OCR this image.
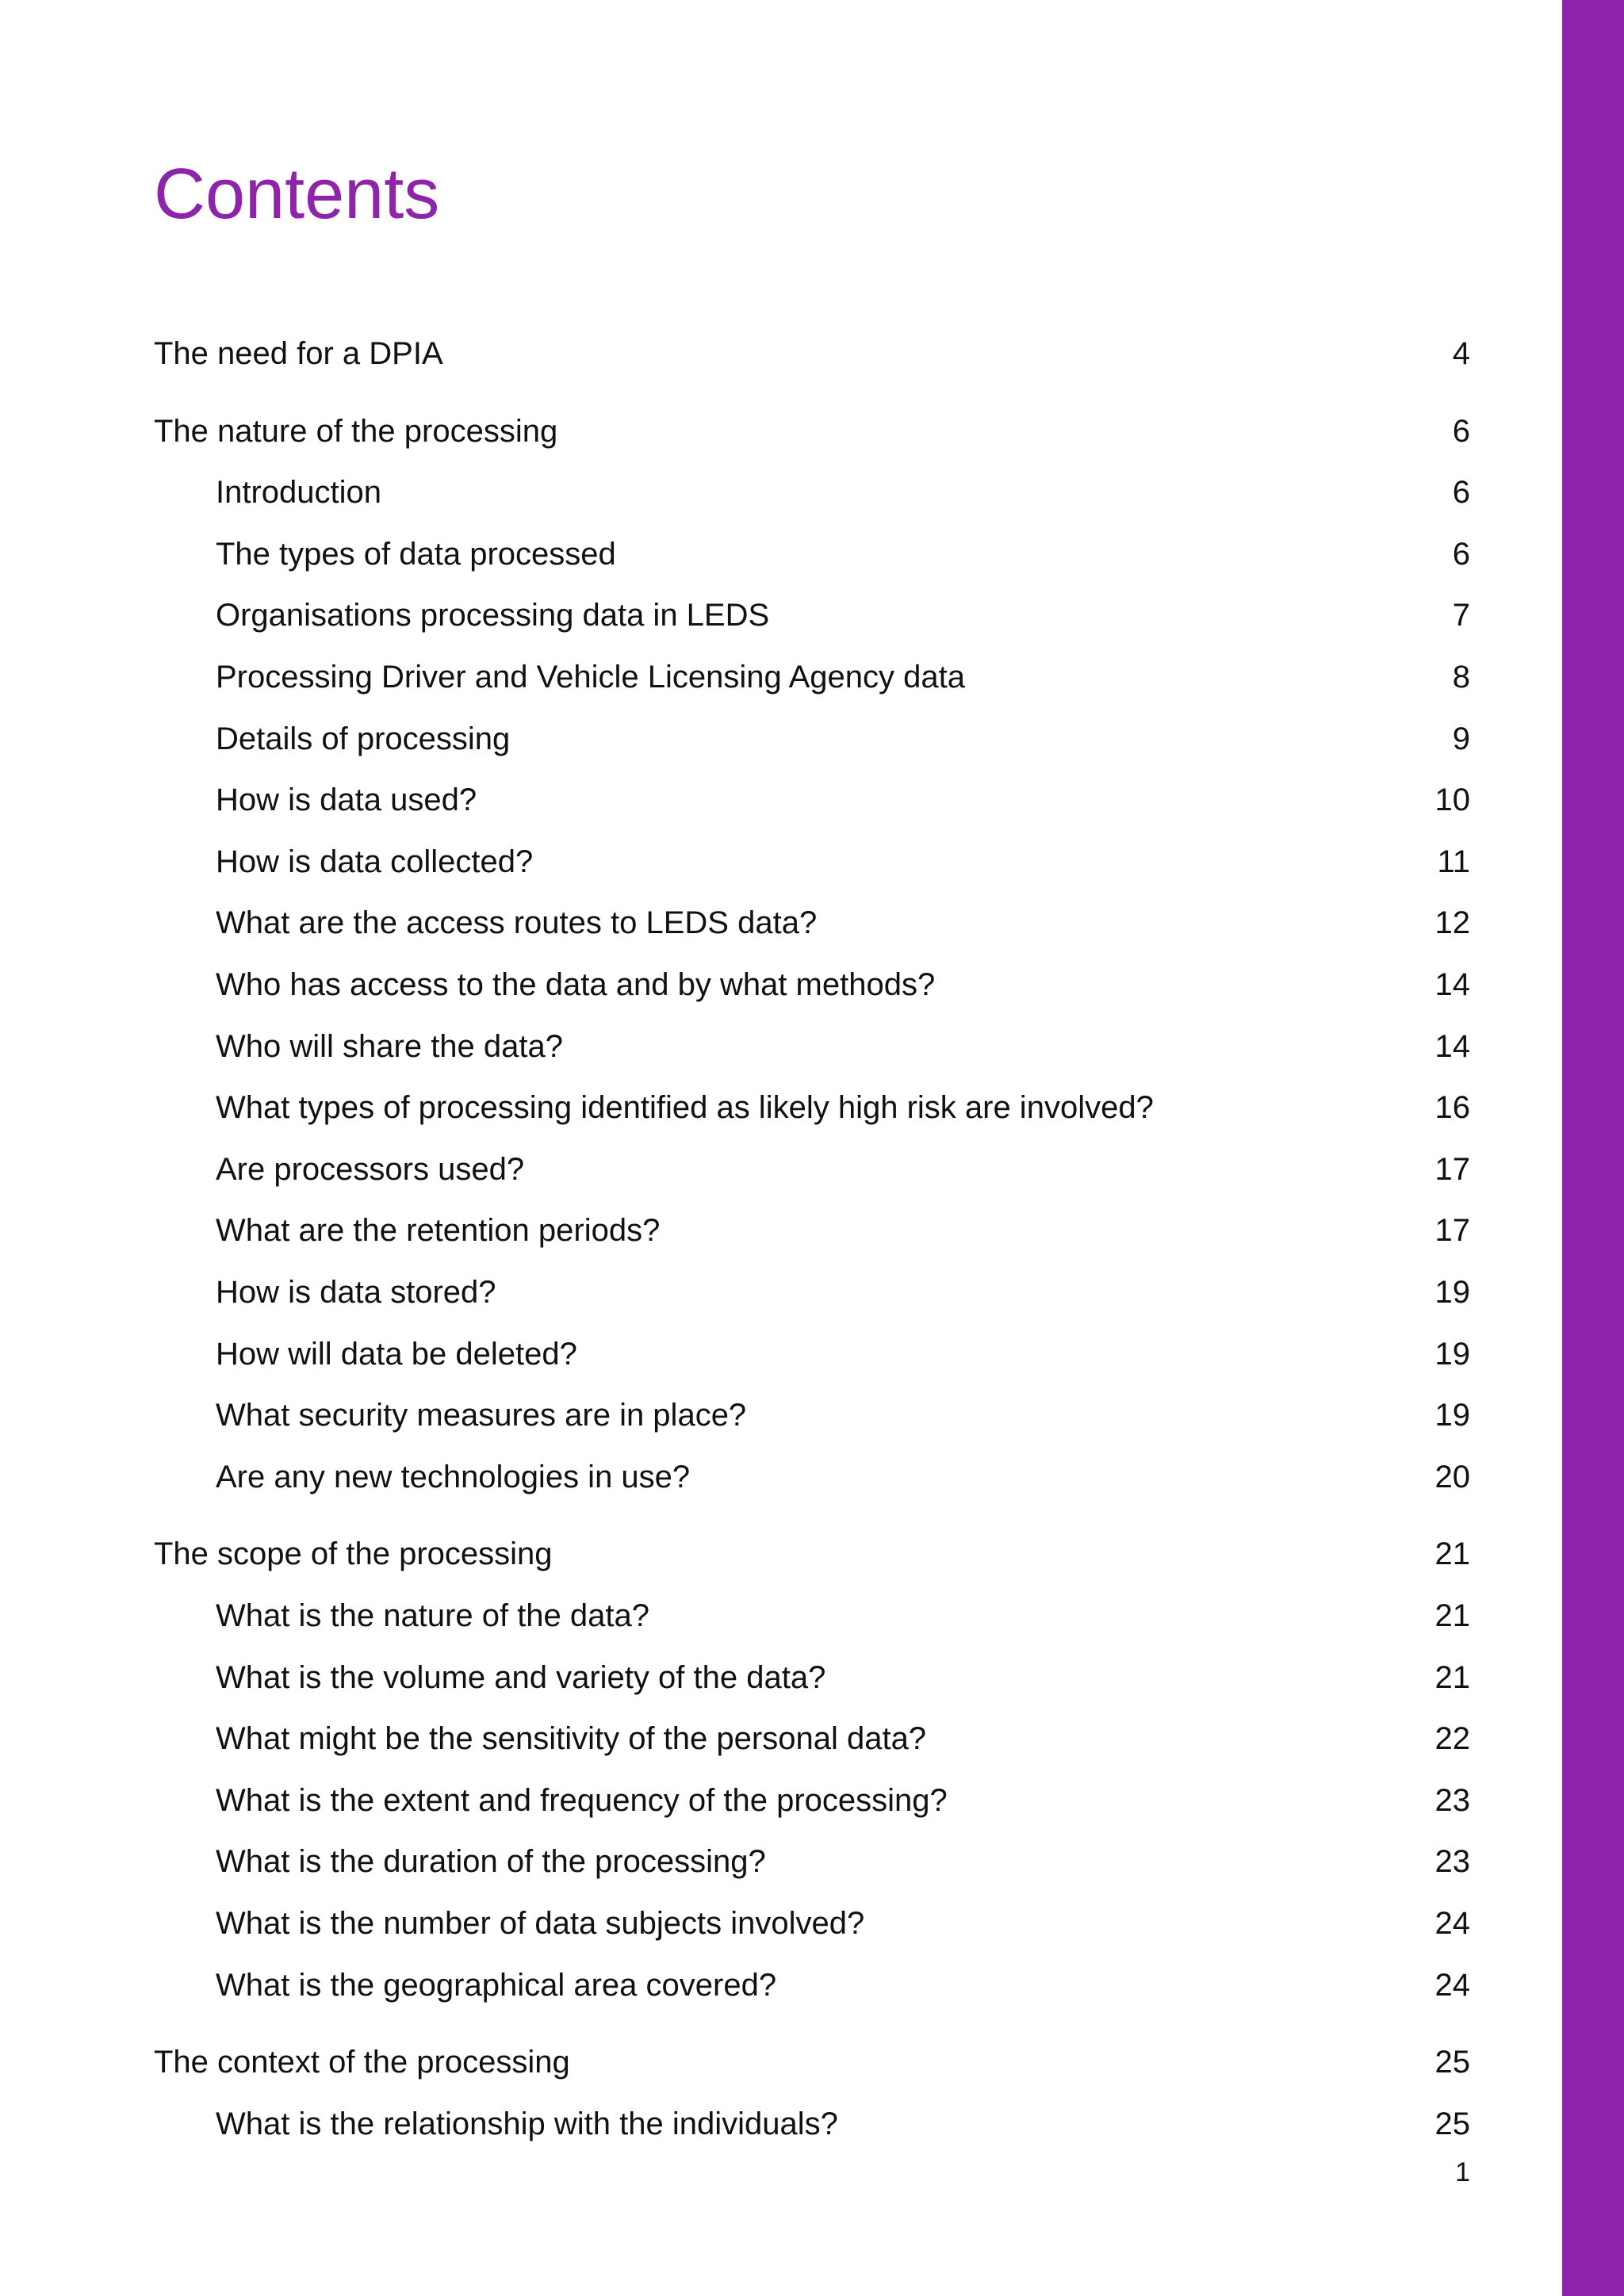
Contents
The need for a DPIA	4
The nature of the processing	6
Introduction	6
The types of data processed	6
Organisations processing data in LEDS	7
Processing Driver and Vehicle Licensing Agency data	8
Details of processing	9
How is data used?	10
How is data collected?	11
What are the access routes to LEDS data?	12
Who has access to the data and by what methods?	14
Who will share the data?	14
What types of processing identified as likely high risk are involved?	16
Are processors used?	17
What are the retention periods?	17
How is data stored?	19
How will data be deleted?	19
What security measures are in place?	19
Are any new technologies in use?	20
The scope of the processing	21
What is the nature of the data?	21
What is the volume and variety of the data?	21
What might be the sensitivity of the personal data?	22
What is the extent and frequency of the processing?	23
What is the duration of the processing?	23
What is the number of data subjects involved?	24
What is the geographical area covered?	24
The context of the processing	25
What is the relationship with the individuals?	25
1
